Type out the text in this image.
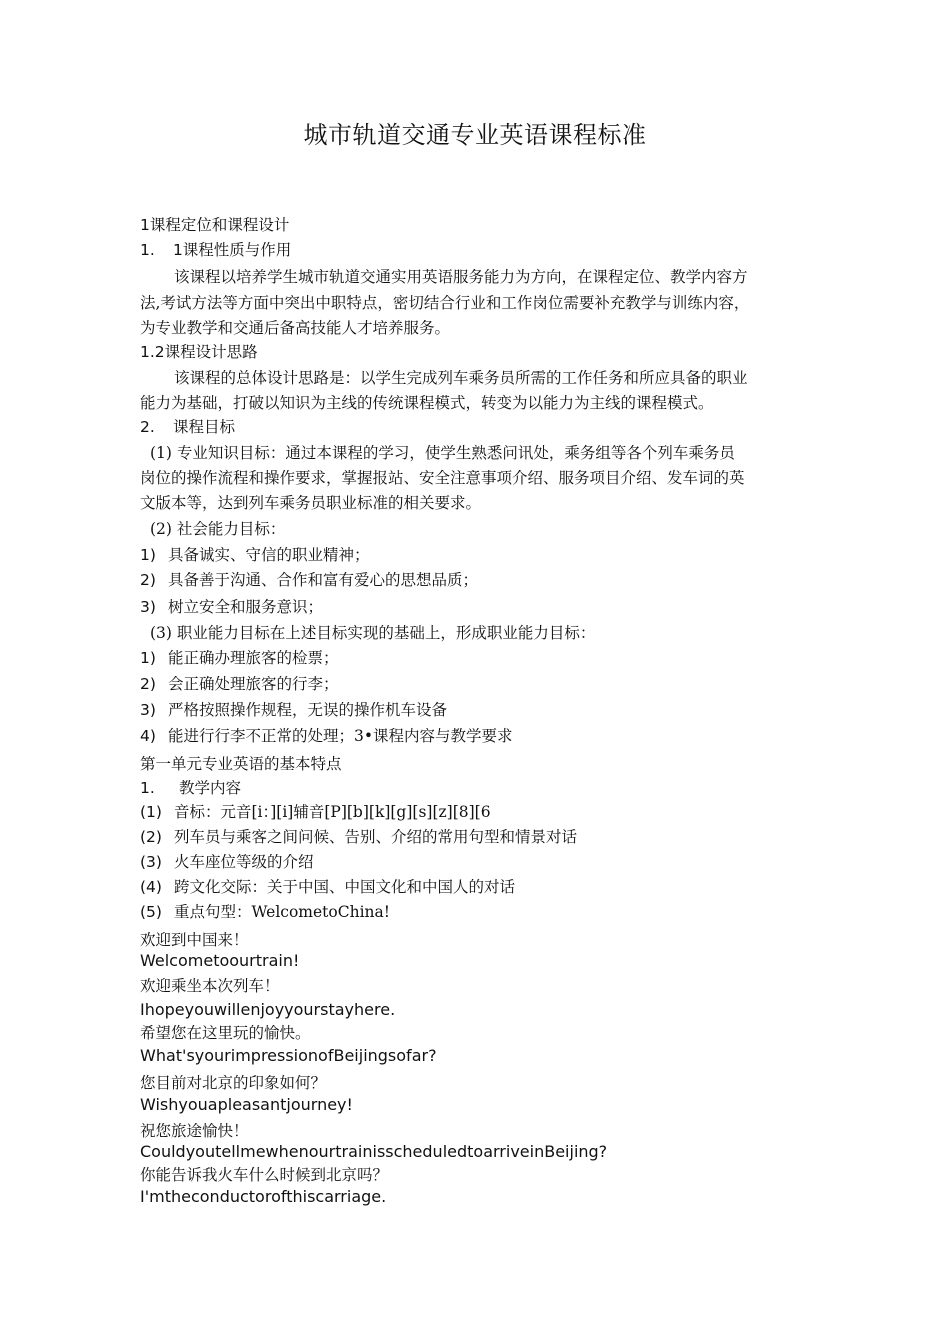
城市轨道交通专业英语课程标准
1课程定位和课程设计
1. 1课程性质与作用
该课程以培养学生城市轨道交通实用英语服务能力为方向，在课程定位、教学内容方
法,考试方法等方面中突出中职特点，密切结合行业和工作岗位需要补充教学与训练内容，
为专业教学和交通后备高技能人才培养服务。
1.2课程设计思路
该课程的总体设计思路是：以学生完成列车乘务员所需的工作任务和所应具备的职业
能力为基础，打破以知识为主线的传统课程模式，转变为以能力为主线的课程模式。
2. 课程目标
(1) 专业知识目标：通过本课程的学习，使学生熟悉问讯处，乘务组等各个列车乘务员
岗位的操作流程和操作要求，掌握报站、安全注意事项介绍、服务项目介绍、发车词的英
文版本等，达到列车乘务员职业标准的相关要求。
(2) 社会能力目标：
1) 具备诚实、守信的职业精神；
2) 具备善于沟通、合作和富有爱心的思想品质；
3) 树立安全和服务意识；
(3) 职业能力目标在上述目标实现的基础上，形成职业能力目标：
1) 能正确办理旅客的检票；
2) 会正确处理旅客的行李；
3) 严格按照操作规程，无误的操作机车设备
4) 能进行行李不正常的处理；3•课程内容与教学要求
第一单元专业英语的基本特点
1. 教学内容
(1) 音标：元音[i：][i]辅音[P][b][k][g][s][z][8][6
(2) 列车员与乘客之间问候、告别、介绍的常用句型和情景对话
(3) 火车座位等级的介绍
(4) 跨文化交际：关于中国、中国文化和中国人的对话
(5) 重点句型：WelcometoChina!
欢迎到中国来！
Welcometoourtrain!
欢迎乘坐本次列车！
Ihopeyouwillenjoyyourstayhere.
希望您在这里玩的愉快。
What'syourimpressionofBeijingsofar?
您目前对北京的印象如何？
Wishyouapleasantjourney!
祝您旅途愉快！
CouldyoutellmewhenourtrainisscheduledtoarriveinBeijing?
你能告诉我火车什么时候到北京吗？
I'mtheconductorofthiscarriage.
